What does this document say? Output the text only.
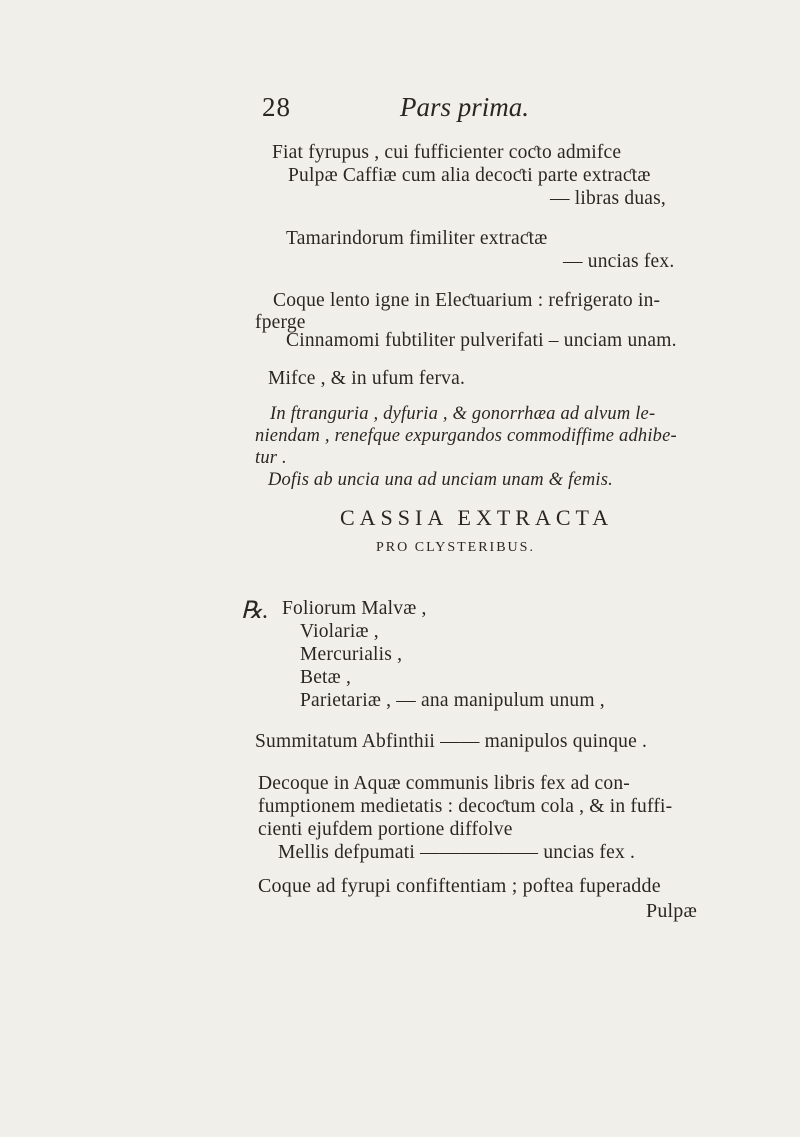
28	Pars prima.
Fiat fyrupus , cui fufficienter coƈto admifce
Pulpæ Caffiæ cum alia decoƈti parte extraƈtæ
— libras duas,
Tamarindorum fimiliter extraƈtæ
— uncias fex.
Coque lento igne in Eleƈtuarium : refrigerato in-
fperge
Cinnamomi fubtiliter pulverifati – unciam unam.
Mifce , & in ufum ferva.
In ftranguria , dyfuria , & gonorrhæa ad alvum le-
niendam , renefque expurgandos commodiffime adhibe-
tur .
Dofis ab uncia una ad unciam unam & femis.
CASSIA EXTRACTA
PRO CLYSTERIBUS.
℞. Foliorum Malvæ ,
Violariæ ,
Mercurialis ,
Betæ ,
Parietariæ , — ana manipulum unum ,
Summitatum Abfinthii —— manipulos quinque .
Decoque in Aquæ communis libris fex ad con-
fumptionem medietatis : decoƈtum cola , & in fuffi-
cienti ejufdem portione diffolve
Mellis defpumati —————— uncias fex .
Coque ad fyrupi confiftentiam ; poftea fuperadde
Pulpæ
